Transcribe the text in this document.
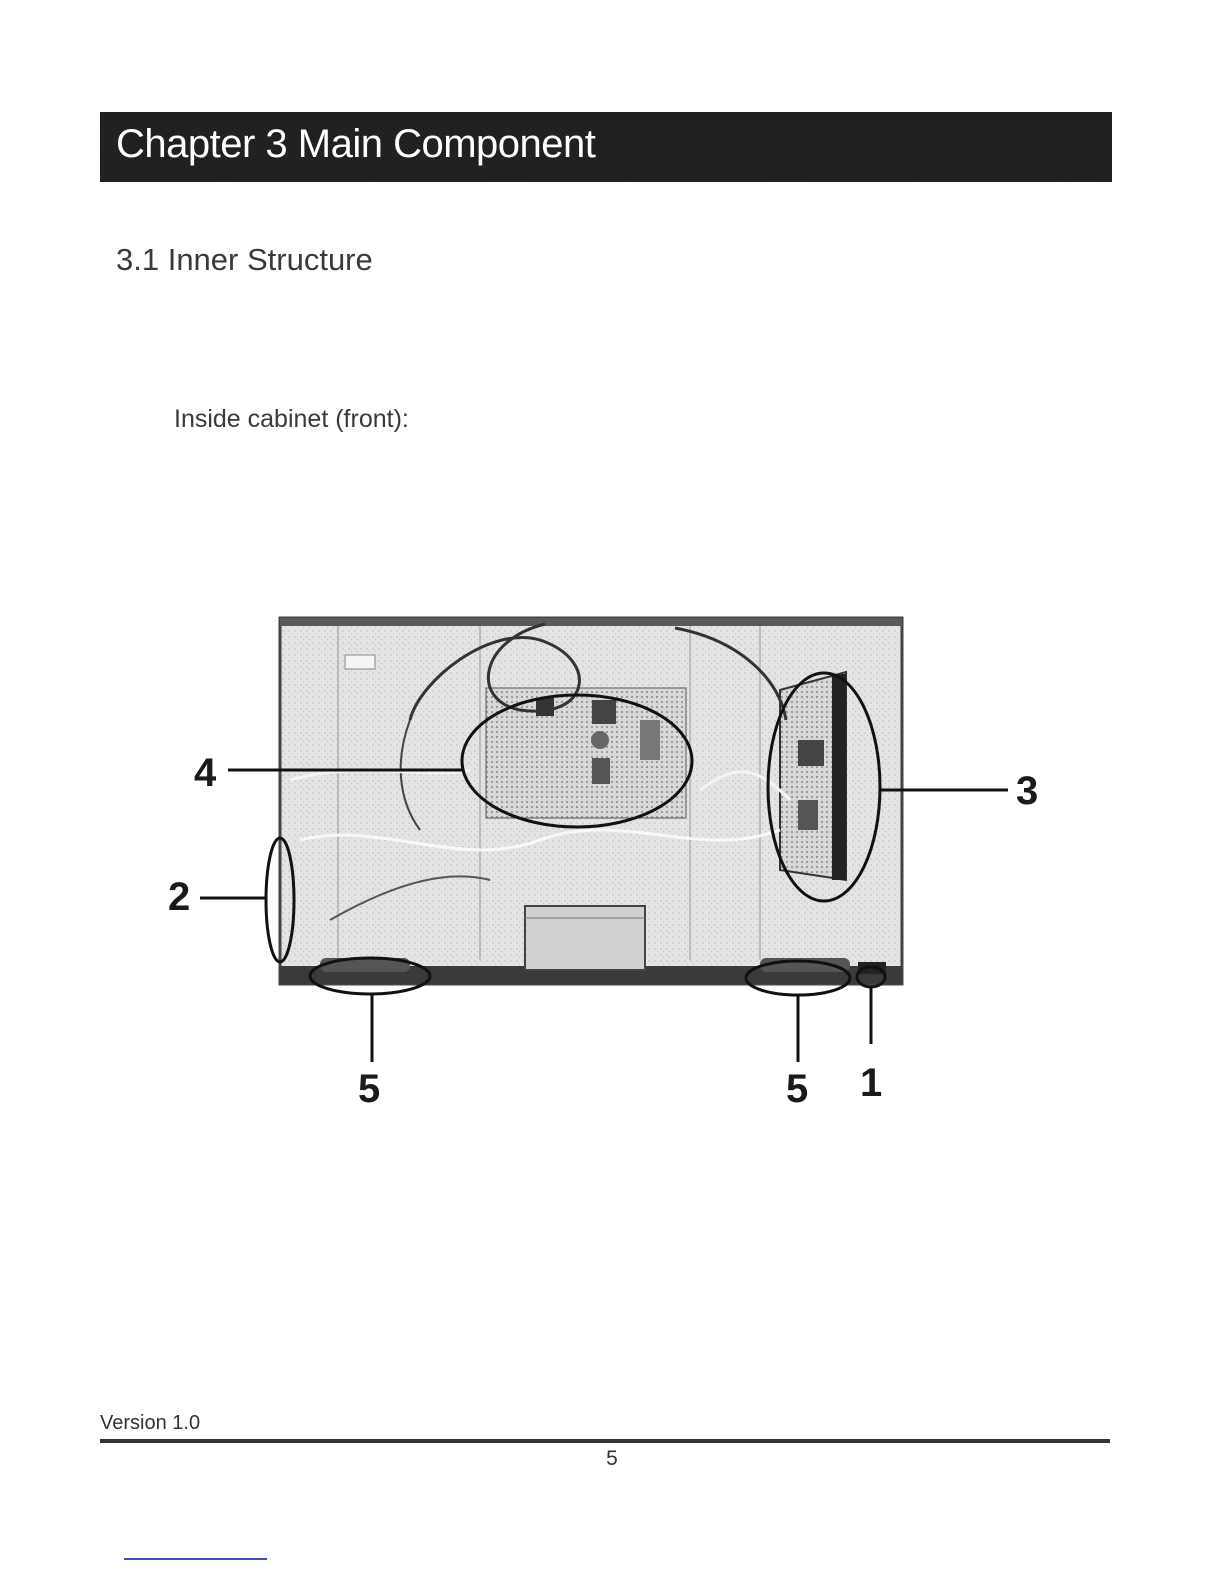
Chapter 3 Main Component
3.1 Inner Structure

Inside cabinet (front):

4
2
3
5	5 1
Version 1.0
5
